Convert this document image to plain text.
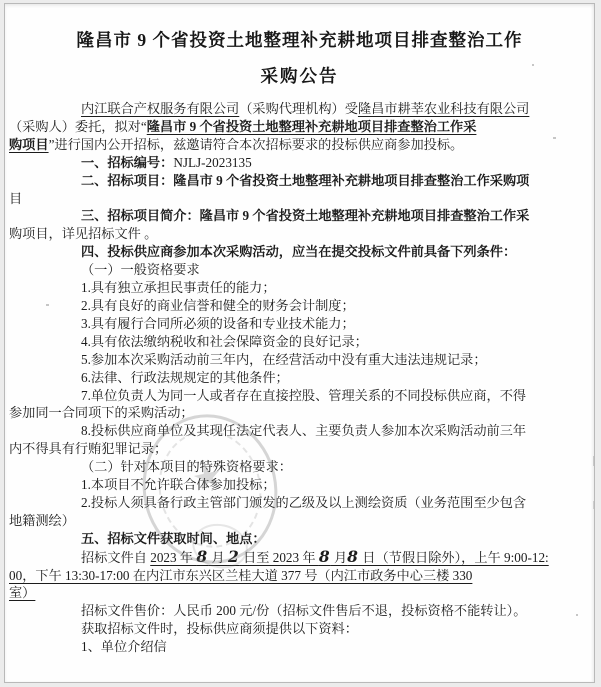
隆昌市 9 个省投资土地整理补充耕地项目排查整治工作
采购公告
内江联合产权服务有限公司（采购代理机构）受隆昌市耕莘农业科技有限公司
（采购人）委托，拟对“隆昌市 9 个省投资土地整理补充耕地项目排查整治工作采
购项目”进行国内公开招标，兹邀请符合本次招标要求的投标供应商参加投标。
一、招标编号：NJLJ-2023135
二、招标项目：隆昌市 9 个省投资土地整理补充耕地项目排查整治工作采购项
目
三、招标项目简介：隆昌市 9 个省投资土地整理补充耕地项目排查整治工作采
购项目，详见招标文件 。
四、投标供应商参加本次采购活动，应当在提交投标文件前具备下列条件：
（一）一般资格要求
1.具有独立承担民事责任的能力；
2.具有良好的商业信誉和健全的财务会计制度；
3.具有履行合同所必须的设备和专业技术能力；
4.具有依法缴纳税收和社会保障资金的良好记录；
5.参加本次采购活动前三年内，在经营活动中没有重大违法违规记录；
6.法律、行政法规规定的其他条件；
7.单位负责人为同一人或者存在直接控股、管理关系的不同投标供应商，不得
参加同一合同项下的采购活动；
8.投标供应商单位及其现任法定代表人、主要负责人参加本次采购活动前三年
内不得具有行贿犯罪记录；
（二）针对本项目的特殊资格要求：
1.本项目不允许联合体参加投标；
2.投标人须具备行政主管部门颁发的乙级及以上测绘资质（业务范围至少包含
地籍测绘）
五、招标文件获取时间、地点：
招标文件自 2023 年 8 月 2 日至 2023 年 8 月8 日（节假日除外），上午 9:00-12:
00，下午 13:30-17:00 在内江市东兴区兰桂大道 377 号（内江市政务中心三楼 330
室）
招标文件售价：人民币 200 元/份（招标文件售后不退，投标资格不能转让）。
获取招标文件时，投标供应商须提供以下资料：
1、单位介绍信
★
